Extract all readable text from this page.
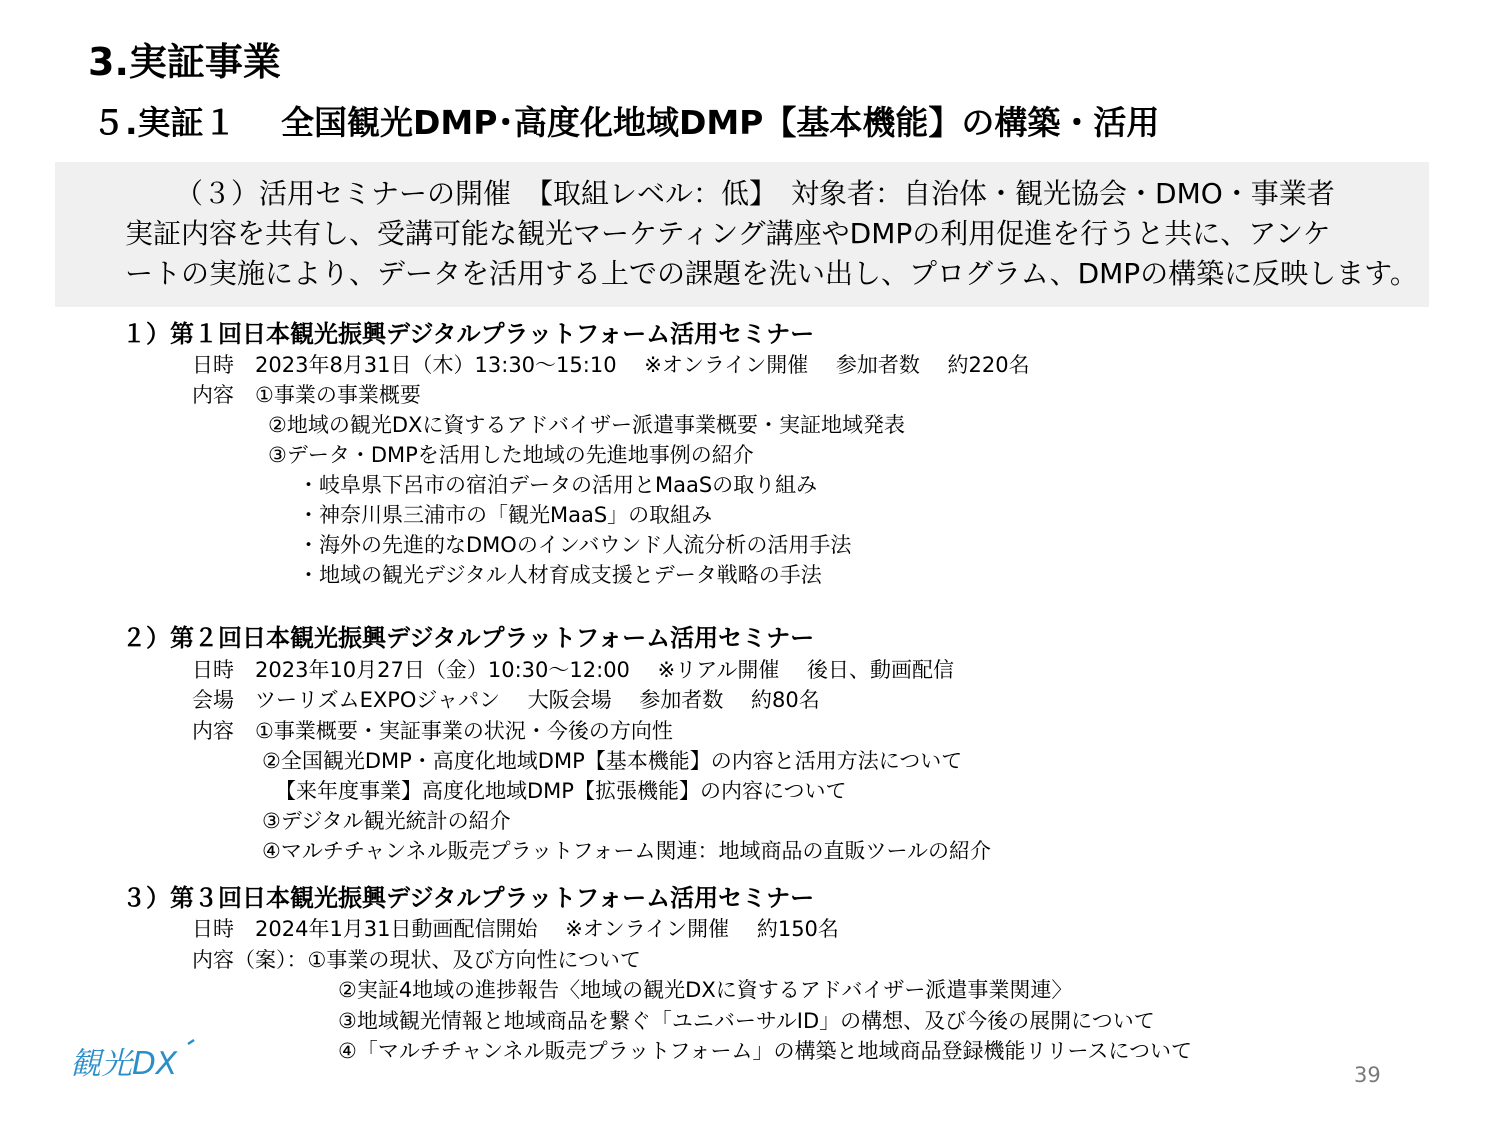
3.実証事業
５.実証１　 全国観光DMP･高度化地域DMP【基本機能】の構築・活用
（３）活用セミナーの開催　【取組レベル：低】　対象者：自治体・観光協会・DMO・事業者
実証内容を共有し、受講可能な観光マーケティング講座やDMPの利用促進を行うと共に、アンケ
ートの実施により、データを活用する上での課題を洗い出し、プログラム、DMPの構築に反映します。
１）第１回日本観光振興デジタルプラットフォーム活用セミナー
日時　2023年8月31日（木）13:30～15:10　 ※オンライン開催　 参加者数　 約220名
内容　①事業の事業概要
②地域の観光DXに資するアドバイザー派遣事業概要・実証地域発表
③データ・DMPを活用した地域の先進地事例の紹介
・岐阜県下呂市の宿泊データの活用とMaaSの取り組み
・神奈川県三浦市の「観光MaaS」の取組み
・海外の先進的なDMOのインバウンド人流分析の活用手法
・地域の観光デジタル人材育成支援とデータ戦略の手法
２）第２回日本観光振興デジタルプラットフォーム活用セミナー
日時　2023年10月27日（金）10:30～12:00　 ※リアル開催　 後日、動画配信
会場　ツーリズムEXPOジャパン　 大阪会場　 参加者数　 約80名
内容　①事業概要・実証事業の状況・今後の方向性
②全国観光DMP・高度化地域DMP【基本機能】の内容と活用方法について
【来年度事業】高度化地域DMP【拡張機能】の内容について
③デジタル観光統計の紹介
④マルチチャンネル販売プラットフォーム関連：地域商品の直販ツールの紹介
３）第３回日本観光振興デジタルプラットフォーム活用セミナー
日時　2024年1月31日動画配信開始　 ※オンライン開催　 約150名
内容（案）：①事業の現状、及び方向性について
②実証4地域の進捗報告〈地域の観光DXに資するアドバイザー派遣事業関連〉
③地域観光情報と地域商品を繋ぐ「ユニバーサルID」の構想、及び今後の展開について
④「マルチチャンネル販売プラットフォーム」の構築と地域商品登録機能リリースについて
観光DX	39
